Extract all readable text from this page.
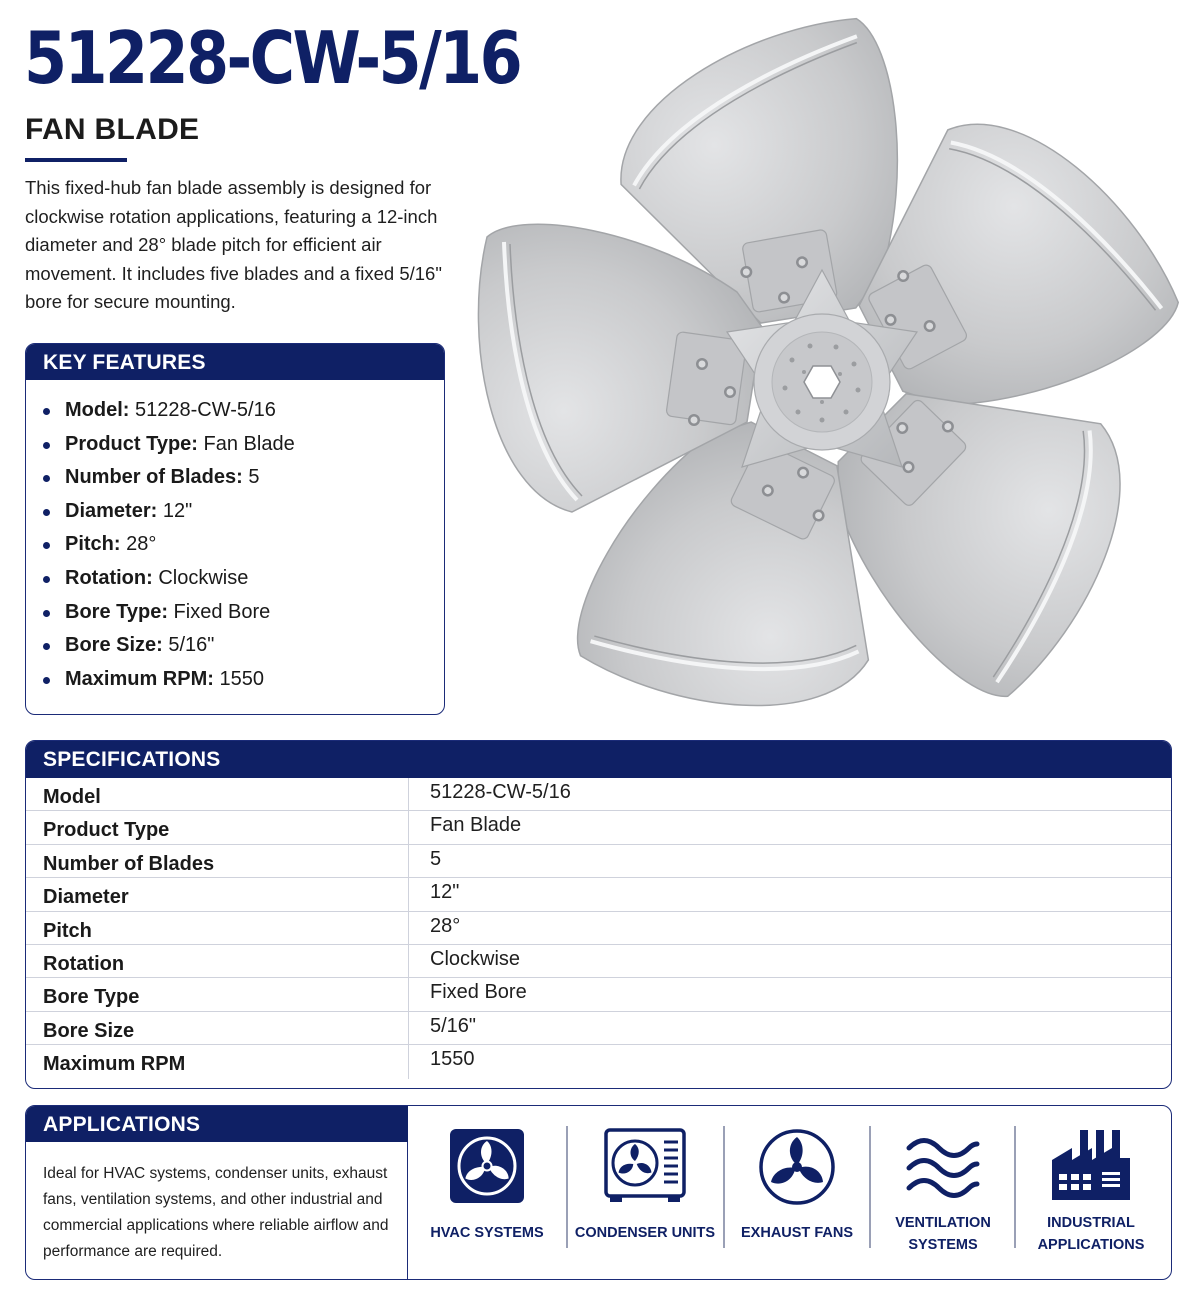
51228-CW-5/16
FAN BLADE

This fixed-hub fan blade assembly is designed for clockwise rotation applications, featuring a 12-inch diameter and 28° blade pitch for efficient air movement. It includes five blades and a fixed 5/16" bore for secure mounting.

KEY FEATURES
Model: 51228-CW-5/16
Product Type: Fan Blade
Number of Blades: 5
Diameter: 12"
Pitch: 28°
Rotation: Clockwise
Bore Type: Fixed Bore
Bore Size: 5/16"
Maximum RPM: 1550
SPECIFICATIONS
Model	51228-CW-5/16
Product Type	Fan Blade
Number of Blades	5
Diameter	12"
Pitch	28°
Rotation	Clockwise
Bore Type	Fixed Bore
Bore Size	5/16"
Maximum RPM	1550
APPLICATIONS

Ideal for HVAC systems, condenser units, exhaust fans, ventilation systems, and other industrial and commercial applications where reliable airflow and performance are required.

HVAC SYSTEMS	CONDENSER UNITS	EXHAUST FANS
VENTILATION
SYSTEMS
INDUSTRIAL
APPLICATIONS
